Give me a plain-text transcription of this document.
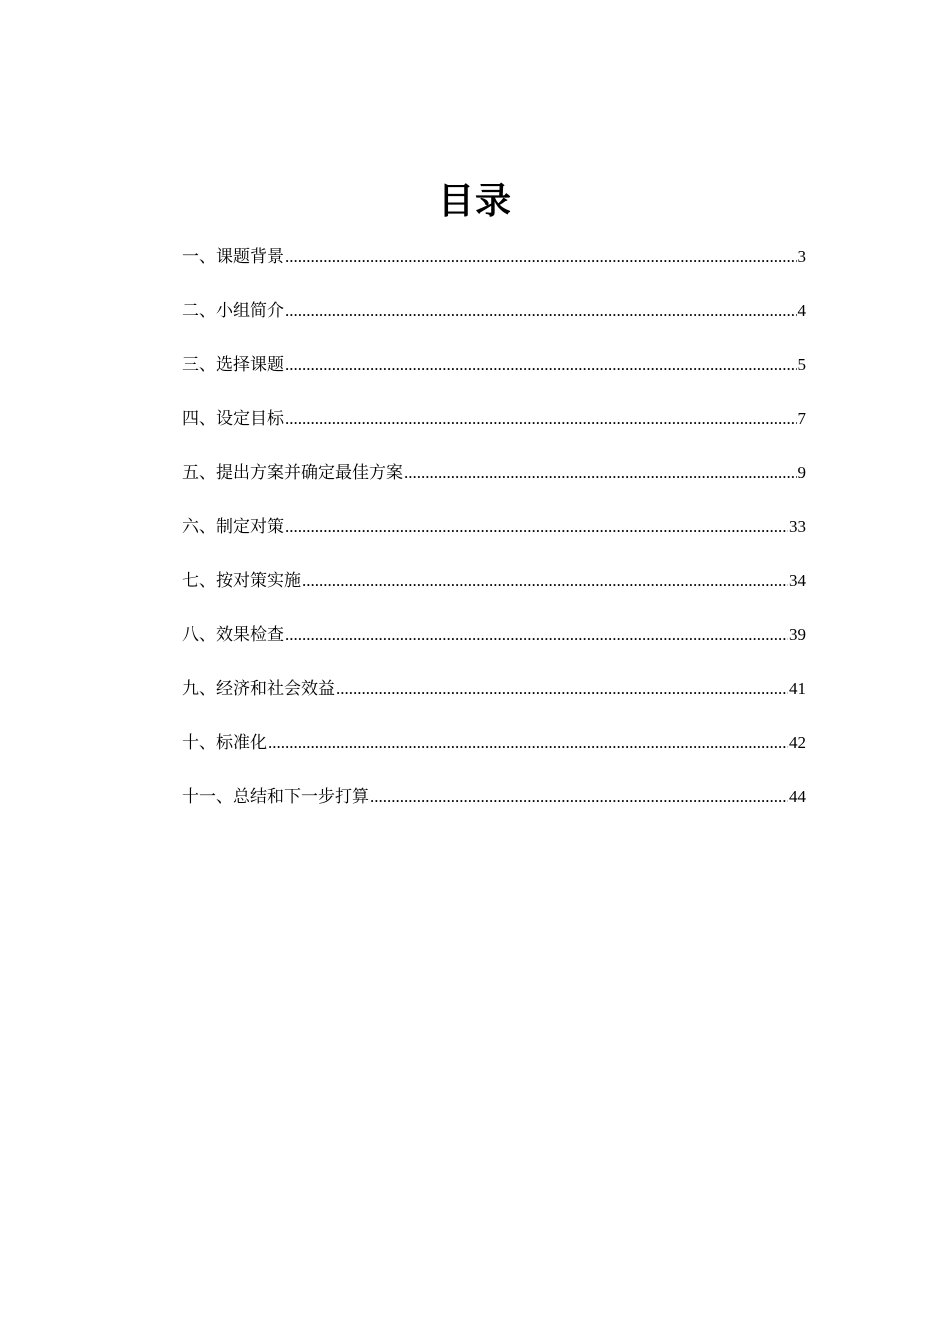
目录
一、课题背景 .....	3
二、小组简介 .....	4
三、选择课题 .....	5
四、设定目标 .....	7
五、提出方案并确定最佳方案 .....	9
六、制定对策 .....	33
七、按对策实施 .....	34
八、效果检查 .....	39
九、经济和社会效益 .....	41
十、标准化 .....	42
十一、总结和下一步打算 .....	44
